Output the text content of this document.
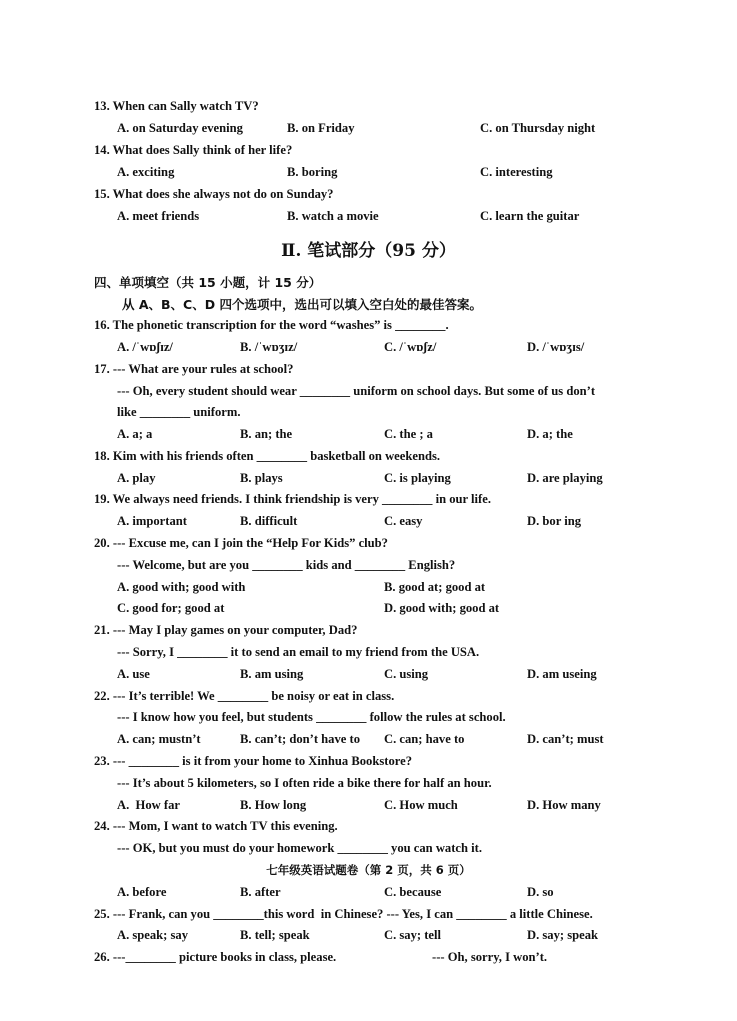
13. When can Sally watch TV?
A. on Saturday evening	B. on Friday	C. on Thursday night
14. What does Sally think of her life?
A. exciting	B. boring	C. interesting
15. What does she always not do on Sunday?
A. meet friends	B. watch a movie	C. learn the guitar
Ⅱ. 笔试部分（95 分）
四、单项填空（共 15 小题，计 15 分）
从 A、B、C、D 四个选项中，选出可以填入空白处的最佳答案。
16. The phonetic transcription for the word “washes” is ________.
A. /ˈwɒʃɪz/	B. /ˈwɒʒɪz/	C. /ˈwɒʃz/	D. /ˈwɒʒɪs/
17. --- What are your rules at school?
--- Oh, every student should wear ________ uniform on school days. But some of us don’t
like ________ uniform.
A. a; a	B. an; the	C. the ; a	D. a; the
18. Kim with his friends often ________ basketball on weekends.
A. play	B. plays	C. is playing	D. are playing
19. We always need friends. I think friendship is very ________ in our life.
A. important	B. difficult	C. easy	D. bor ing
20. --- Excuse me, can I join the “Help For Kids” club?
--- Welcome, but are you ________ kids and ________ English?
A. good with; good with	B. good at; good at
C. good for; good at	D. good with; good at
21. --- May I play games on your computer, Dad?
--- Sorry, I ________ it to send an email to my friend from the USA.
A. use	B. am using	C. using	D. am useing
22. --- It’s terrible! We ________ be noisy or eat in class.
--- I know how you feel, but students ________ follow the rules at school.
A. can; mustn’t	B. can’t; don’t have to C. can; have to	D. can’t; must
23. --- ________ is it from your home to Xinhua Bookstore?
--- It’s about 5 kilometers, so I often ride a bike there for half an hour.
A.  How far	B. How long	C. How much	D. How many
24. --- Mom, I want to watch TV this evening.
--- OK, but you must do your homework ________ you can watch it.
七年级英语试题卷（第 2 页，共 6 页）
A. before	B. after	C. because	D. so
25. --- Frank, can you ________this word  in Chinese? --- Yes, I can ________ a little Chinese.
A. speak; say	B. tell; speak	C. say; tell	D. say; speak
26. ---________ picture books in class, please.	--- Oh, sorry, I won’t.
